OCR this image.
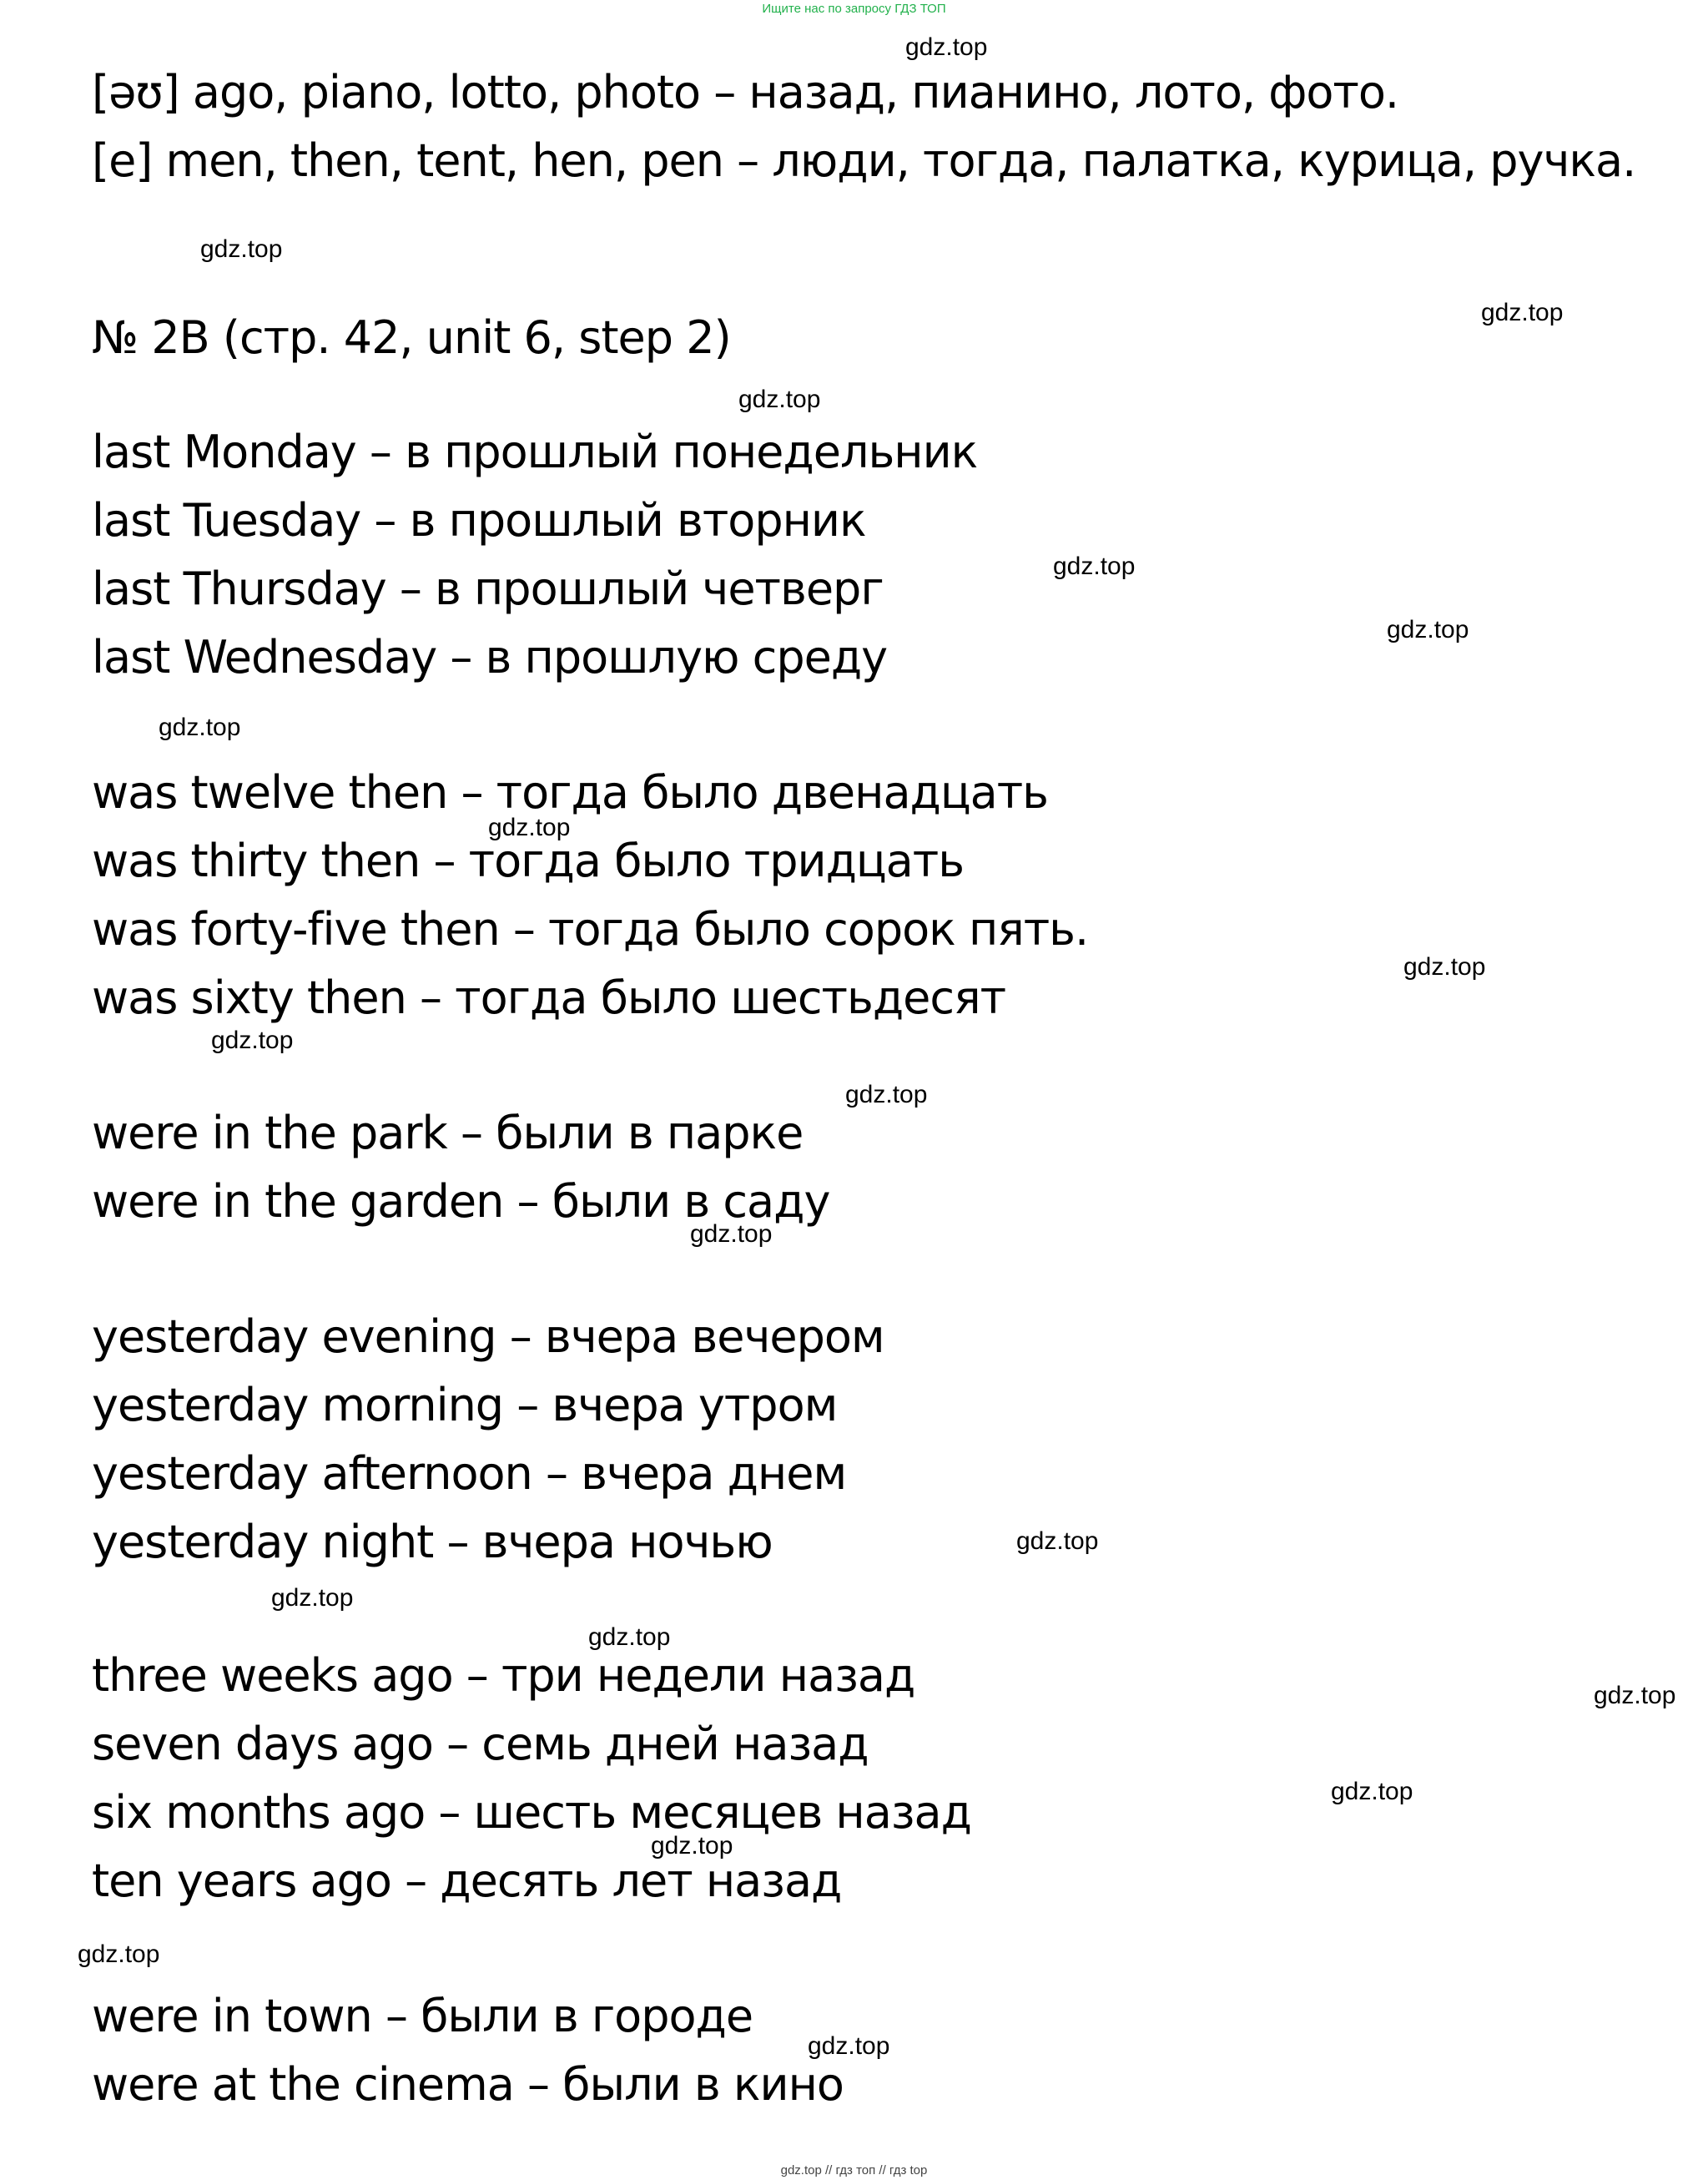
Ищите нас по запросу ГДЗ ТОП
[əʊ] ago, piano, lotto, photo – назад, пианино, лото, фото.
[e] men, then, tent, hen, pen – люди, тогда, палатка, курица, ручка.
№ 2B (стр. 42, unit 6, step 2)
last Monday – в прошлый понедельник
last Tuesday – в прошлый вторник
last Thursday – в прошлый четверг
last Wednesday – в прошлую среду
was twelve then – тогда было двенадцать
was thirty then – тогда было тридцать
was forty-five then – тогда было сорок пять.
was sixty then – тогда было шестьдесят
were in the park – были в парке
were in the garden – были в саду
yesterday evening – вчера вечером
yesterday morning – вчера утром
yesterday afternoon – вчера днем
yesterday night – вчера ночью
three weeks ago – три недели назад
seven days ago – семь дней назад
six months ago – шесть месяцев назад
ten years ago – десять лет назад
were in town – были в городе
were at the cinema – были в кино
gdz.top
gdz.top
gdz.top
gdz.top
gdz.top
gdz.top
gdz.top
gdz.top
gdz.top
gdz.top
gdz.top
gdz.top
gdz.top
gdz.top
gdz.top
gdz.top
gdz.top
gdz.top
gdz.top
gdz.top
gdz.top // гдз топ // гдз top
